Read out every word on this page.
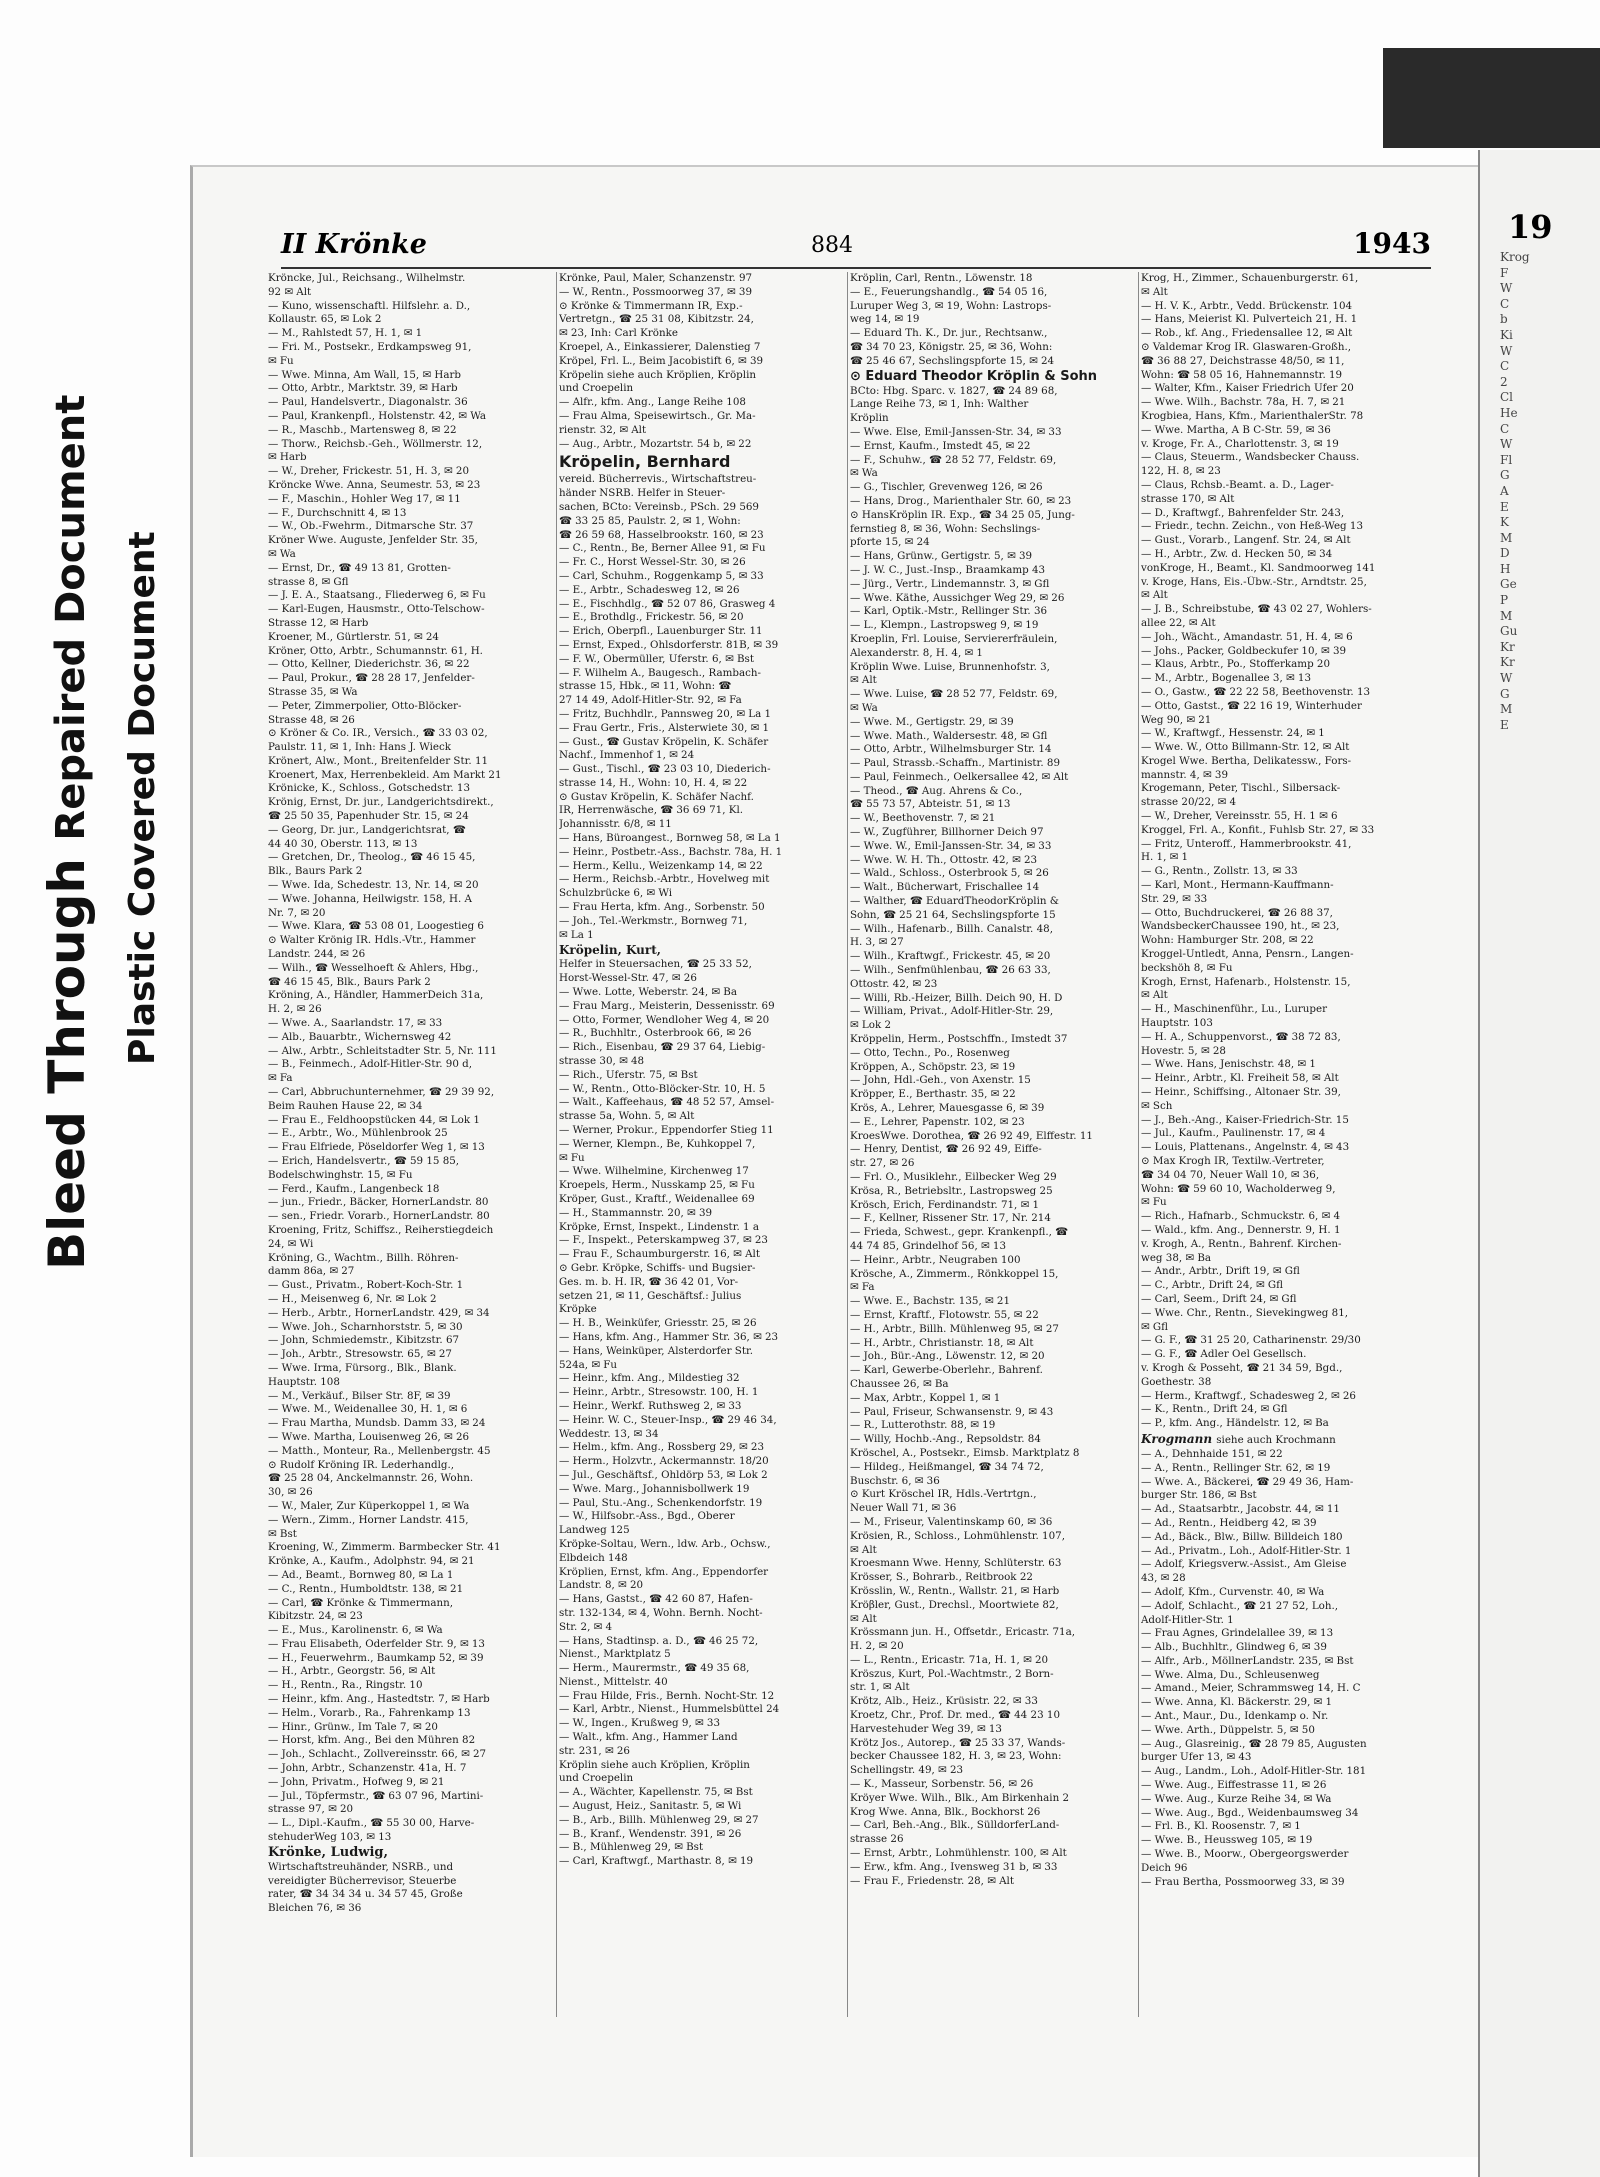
Bleed Through Repaired Document Plastic Covered Document
19
Krog
F
W
C
b
Ki
W
C
2
Cl
He
C
W
Fl
G
A
E
K
M
D
H
Ge
P
M
Gu
Kr
Kr
W
G
M
E
II Krönke	884	1943
Kröncke, Jul., Reichsang., Wilhelmstr.
92 ✉ Alt
— Kuno, wissenschaftl. Hilfslehr. a. D.,
Kollaustr. 65, ✉ Lok 2
— M., Rahlstedt 57, H. 1, ✉ 1
— Fri. M., Postsekr., Erdkampsweg 91,
✉ Fu
— Wwe. Minna, Am Wall, 15, ✉ Harb
— Otto, Arbtr., Marktstr. 39, ✉ Harb
— Paul, Handelsvertr., Diagonalstr. 36
— Paul, Krankenpfl., Holstenstr. 42, ✉ Wa
— R., Maschb., Martensweg 8, ✉ 22
— Thorw., Reichsb.-Geh., Wöllmerstr. 12,
✉ Harb
— W., Dreher, Frickestr. 51, H. 3, ✉ 20
Kröncke Wwe. Anna, Seumestr. 53, ✉ 23
— F., Maschin., Hohler Weg 17, ✉ 11
— F., Durchschnitt 4, ✉ 13
— W., Ob.-Fwehrm., Ditmarsche Str. 37
Kröner Wwe. Auguste, Jenfelder Str. 35,
✉ Wa
— Ernst, Dr., ☎ 49 13 81, Grotten-
strasse 8, ✉ Gfl
— J. E. A., Staatsang., Fliederweg 6, ✉ Fu
— Karl-Eugen, Hausmstr., Otto-Telschow-
Strasse 12, ✉ Harb
Kroener, M., Gürtlerstr. 51, ✉ 24
Kröner, Otto, Arbtr., Schumannstr. 61, H.
— Otto, Kellner, Diederichstr. 36, ✉ 22
— Paul, Prokur., ☎ 28 28 17, Jenfelder-
Strasse 35, ✉ Wa
— Peter, Zimmerpolier, Otto-Blöcker-
Strasse 48, ✉ 26
⊙ Kröner & Co. IR., Versich., ☎ 33 03 02,
Paulstr. 11, ✉ 1, Inh: Hans J. Wieck
Krönert, Alw., Mont., Breitenfelder Str. 11
Kroenert, Max, Herrenbekleid. Am Markt 21
Krönicke, K., Schloss., Gotschedstr. 13
Krönig, Ernst, Dr. jur., Landgerichtsdirekt.,
☎ 25 50 35, Papenhuder Str. 15, ✉ 24
— Georg, Dr. jur., Landgerichtsrat, ☎
44 40 30, Oberstr. 113, ✉ 13
— Gretchen, Dr., Theolog., ☎ 46 15 45,
Blk., Baurs Park 2
— Wwe. Ida, Schedestr. 13, Nr. 14, ✉ 20
— Wwe. Johanna, Heilwigstr. 158, H. A
Nr. 7, ✉ 20
— Wwe. Klara, ☎ 53 08 01, Loogestieg 6
⊙ Walter Krönig IR. Hdls.-Vtr., Hammer
Landstr. 244, ✉ 26
— Wilh., ☎ Wesselhoeft & Ahlers, Hbg.,
☎ 46 15 45, Blk., Baurs Park 2
Kröning, A., Händler, HammerDeich 31a,
H. 2, ✉ 26
— Wwe. A., Saarlandstr. 17, ✉ 33
— Alb., Bauarbtr., Wichernsweg 42
— Alw., Arbtr., Schleitstadter Str. 5, Nr. 111
— B., Feinmech., Adolf-Hitler-Str. 90 d,
✉ Fa
— Carl, Abbruchunternehmer, ☎ 29 39 92,
Beim Rauhen Hause 22, ✉ 34
— Frau E., Feldhoopstücken 44, ✉ Lok 1
— E., Arbtr., Wo., Mühlenbrook 25
— Frau Elfriede, Pöseldorfer Weg 1, ✉ 13
— Erich, Handelsvertr., ☎ 59 15 85,
Bodelschwinghstr. 15, ✉ Fu
— Ferd., Kaufm., Langenbeck 18
— jun., Friedr., Bäcker, HornerLandstr. 80
— sen., Friedr. Vorarb., HornerLandstr. 80
Kroening, Fritz, Schiffsz., Reiherstiegdeich
24, ✉ Wi
Kröning, G., Wachtm., Billh. Röhren-
damm 86a, ✉ 27
— Gust., Privatm., Robert-Koch-Str. 1
— H., Meisenweg 6, Nr. ✉ Lok 2
— Herb., Arbtr., HornerLandstr. 429, ✉ 34
— Wwe. Joh., Scharnhorststr. 5, ✉ 30
— John, Schmiedemstr., Kibitzstr. 67
— Joh., Arbtr., Stresowstr. 65, ✉ 27
— Wwe. Irma, Fürsorg., Blk., Blank.
Hauptstr. 108
— M., Verkäuf., Bilser Str. 8F, ✉ 39
— Wwe. M., Weidenallee 30, H. 1, ✉ 6
— Frau Martha, Mundsb. Damm 33, ✉ 24
— Wwe. Martha, Louisenweg 26, ✉ 26
— Matth., Monteur, Ra., Mellenbergstr. 45
⊙ Rudolf Kröning IR. Lederhandlg.,
☎ 25 28 04, Anckelmannstr. 26, Wohn.
30, ✉ 26
— W., Maler, Zur Küperkoppel 1, ✉ Wa
— Wern., Zimm., Horner Landstr. 415,
✉ Bst
Kroening, W., Zimmerm. Barmbecker Str. 41
Krönke, A., Kaufm., Adolphstr. 94, ✉ 21
— Ad., Beamt., Bornweg 80, ✉ La 1
— C., Rentn., Humboldtstr. 138, ✉ 21
— Carl, ☎ Krönke & Timmermann,
Kibitzstr. 24, ✉ 23
— E., Mus., Karolinenstr. 6, ✉ Wa
— Frau Elisabeth, Oderfelder Str. 9, ✉ 13
— H., Feuerwehrm., Baumkamp 52, ✉ 39
— H., Arbtr., Georgstr. 56, ✉ Alt
— H., Rentn., Ra., Ringstr. 10
— Heinr., kfm. Ang., Hastedtstr. 7, ✉ Harb
— Helm., Vorarb., Ra., Fahrenkamp 13
— Hinr., Grünw., Im Tale 7, ✉ 20
— Horst, kfm. Ang., Bei den Mühren 82
— Joh., Schlacht., Zollvereinsstr. 66, ✉ 27
— John, Arbtr., Schanzenstr. 41a, H. 7
— John, Privatm., Hofweg 9, ✉ 21
— Jul., Töpfermstr., ☎ 63 07 96, Martini-
strasse 97, ✉ 20
— L., Dipl.-Kaufm., ☎ 55 30 00, Harve-
stehuderWeg 103, ✉ 13
Krönke, Ludwig,
Wirtschaftstreuhänder, NSRB., und
vereidigter Bücherrevisor, Steuerbe
rater, ☎ 34 34 34 u. 34 57 45, Große
Bleichen 76, ✉ 36
Krönke, Paul, Maler, Schanzenstr. 97
— W., Rentn., Possmoorweg 37, ✉ 39
⊙ Krönke & Timmermann IR, Exp.-
Vertretgn., ☎ 25 31 08, Kibitzstr. 24,
✉ 23, Inh: Carl Krönke
Kroepel, A., Einkassierer, Dalenstieg 7
Kröpel, Frl. L., Beim Jacobistift 6, ✉ 39
Kröpelin siehe auch Kröplien, Kröplin
und Croepelin
— Alfr., kfm. Ang., Lange Reihe 108
— Frau Alma, Speisewirtsch., Gr. Ma-
rienstr. 32, ✉ Alt
— Aug., Arbtr., Mozartstr. 54 b, ✉ 22
Kröpelin, Bernhard
vereid. Bücherrevis., Wirtschaftstreu-
händer NSRB. Helfer in Steuer-
sachen, BCto: Vereinsb., PSch. 29 569
☎ 33 25 85, Paulstr. 2, ✉ 1, Wohn:
☎ 26 59 68, Hasselbrookstr. 160, ✉ 23
— C., Rentn., Be, Berner Allee 91, ✉ Fu
— Fr. C., Horst Wessel-Str. 30, ✉ 26
— Carl, Schuhm., Roggenkamp 5, ✉ 33
— E., Arbtr., Schadesweg 12, ✉ 26
— E., Fischhdlg., ☎ 52 07 86, Grasweg 4
— E., Brothdlg., Frickestr. 56, ✉ 20
— Erich, Oberpfl., Lauenburger Str. 11
— Ernst, Exped., Ohlsdorferstr. 81B, ✉ 39
— F. W., Obermüller, Uferstr. 6, ✉ Bst
— F. Wilhelm A., Baugesch., Rambach-
strasse 15, Hbk., ✉ 11, Wohn: ☎
27 14 49, Adolf-Hitler-Str. 92, ✉ Fa
— Fritz, Buchhdlr., Pannsweg 20, ✉ La 1
— Frau Gertr., Fris., Alsterwiete 30, ✉ 1
— Gust., ☎ Gustav Kröpelin, K. Schäfer
Nachf., Immenhof 1, ✉ 24
— Gust., Tischl., ☎ 23 03 10, Diederich-
strasse 14, H., Wohn: 10, H. 4, ✉ 22
⊙ Gustav Kröpelin, K. Schäfer Nachf.
IR, Herrenwäsche, ☎ 36 69 71, Kl.
Johannisstr. 6/8, ✉ 11
— Hans, Büroangest., Bornweg 58, ✉ La 1
— Heinr., Postbetr.-Ass., Bachstr. 78a, H. 1
— Herm., Kellu., Weizenkamp 14, ✉ 22
— Herm., Reichsb.-Arbtr., Hovelweg mit
Schulzbrücke 6, ✉ Wi
— Frau Herta, kfm. Ang., Sorbenstr. 50
— Joh., Tel.-Werkmstr., Bornweg 71,
✉ La 1
Kröpelin, Kurt,
Helfer in Steuersachen, ☎ 25 33 52,
Horst-Wessel-Str. 47, ✉ 26
— Wwe. Lotte, Weberstr. 24, ✉ Ba
— Frau Marg., Meisterin, Dessenisstr. 69
— Otto, Former, Wendloher Weg 4, ✉ 20
— R., Buchhltr., Osterbrook 66, ✉ 26
— Rich., Eisenbau, ☎ 29 37 64, Liebig-
strasse 30, ✉ 48
— Rich., Uferstr. 75, ✉ Bst
— W., Rentn., Otto-Blöcker-Str. 10, H. 5
— Walt., Kaffeehaus, ☎ 48 52 57, Amsel-
strasse 5a, Wohn. 5, ✉ Alt
— Werner, Prokur., Eppendorfer Stieg 11
— Werner, Klempn., Be, Kuhkoppel 7,
✉ Fu
— Wwe. Wilhelmine, Kirchenweg 17
Kroepels, Herm., Nusskamp 25, ✉ Fu
Kröper, Gust., Kraftf., Weidenallee 69
— H., Stammannstr. 20, ✉ 39
Kröpke, Ernst, Inspekt., Lindenstr. 1 a
— F., Inspekt., Peterskampweg 37, ✉ 23
— Frau F., Schaumburgerstr. 16, ✉ Alt
⊙ Gebr. Kröpke, Schiffs- und Bugsier-
Ges. m. b. H. IR, ☎ 36 42 01, Vor-
setzen 21, ✉ 11, Geschäftsf.: Julius
Kröpke
— H. B., Weinküfer, Griesstr. 25, ✉ 26
— Hans, kfm. Ang., Hammer Str. 36, ✉ 23
— Hans, Weinküper, Alsterdorfer Str.
524a, ✉ Fu
— Heinr., kfm. Ang., Mildestieg 32
— Heinr., Arbtr., Stresowstr. 100, H. 1
— Heinr., Werkf. Ruthsweg 2, ✉ 33
— Heinr. W. C., Steuer-Insp., ☎ 29 46 34,
Weddestr. 13, ✉ 34
— Helm., kfm. Ang., Rossberg 29, ✉ 23
— Herm., Holzvtr., Ackermannstr. 18/20
— Jul., Geschäftsf., Ohldörp 53, ✉ Lok 2
— Wwe. Marg., Johannisbollwerk 19
— Paul, Stu.-Ang., Schenkendorfstr. 19
— W., Hilfsobr.-Ass., Bgd., Oberer
Landweg 125
Kröpke-Soltau, Wern., ldw. Arb., Ochsw.,
Elbdeich 148
Kröplien, Ernst, kfm. Ang., Eppendorfer
Landstr. 8, ✉ 20
— Hans, Gastst., ☎ 42 60 87, Hafen-
str. 132-134, ✉ 4, Wohn. Bernh. Nocht-
Str. 2, ✉ 4
— Hans, Stadtinsp. a. D., ☎ 46 25 72,
Nienst., Marktplatz 5
— Herm., Maurermstr., ☎ 49 35 68,
Nienst., Mittelstr. 40
— Frau Hilde, Fris., Bernh. Nocht-Str. 12
— Karl, Arbtr., Nienst., Hummelsbüttel 24
— W., Ingen., Krußweg 9, ✉ 33
— Walt., kfm. Ang., Hammer Land
str. 231, ✉ 26
Kröplin siehe auch Kröplien, Kröplin
und Croepelin
— A., Wächter, Kapellenstr. 75, ✉ Bst
— August, Heiz., Sanitastr. 5, ✉ Wi
— B., Arb., Billh. Mühlenweg 29, ✉ 27
— B., Kranf., Wendenstr. 391, ✉ 26
— B., Mühlenweg 29, ✉ Bst
— Carl, Kraftwgf., Marthastr. 8, ✉ 19
Kröplin, Carl, Rentn., Löwenstr. 18
— E., Feuerungshandlg., ☎ 54 05 16,
Luruper Weg 3, ✉ 19, Wohn: Lastrops-
weg 14, ✉ 19
— Eduard Th. K., Dr. jur., Rechtsanw.,
☎ 34 70 23, Königstr. 25, ✉ 36, Wohn:
☎ 25 46 67, Sechslingspforte 15, ✉ 24
⊙ Eduard Theodor Kröplin & Sohn
BCto: Hbg. Sparc. v. 1827, ☎ 24 89 68,
Lange Reihe 73, ✉ 1, Inh: Walther
Kröplin
— Wwe. Else, Emil-Janssen-Str. 34, ✉ 33
— Ernst, Kaufm., Imstedt 45, ✉ 22
— F., Schuhw., ☎ 28 52 77, Feldstr. 69,
✉ Wa
— G., Tischler, Grevenweg 126, ✉ 26
— Hans, Drog., Marienthaler Str. 60, ✉ 23
⊙ HansKröplin IR. Exp., ☎ 34 25 05, Jung-
fernstieg 8, ✉ 36, Wohn: Sechslings-
pforte 15, ✉ 24
— Hans, Grünw., Gertigstr. 5, ✉ 39
— J. W. C., Just.-Insp., Braamkamp 43
— Jürg., Vertr., Lindemannstr. 3, ✉ Gfl
— Wwe. Käthe, Aussichger Weg 29, ✉ 26
— Karl, Optik.-Mstr., Rellinger Str. 36
— L., Klempn., Lastropsweg 9, ✉ 19
Kroeplin, Frl. Louise, Serviererfräulein,
Alexanderstr. 8, H. 4, ✉ 1
Kröplin Wwe. Luise, Brunnenhofstr. 3,
✉ Alt
— Wwe. Luise, ☎ 28 52 77, Feldstr. 69,
✉ Wa
— Wwe. M., Gertigstr. 29, ✉ 39
— Wwe. Math., Waldersestr. 48, ✉ Gfl
— Otto, Arbtr., Wilhelmsburger Str. 14
— Paul, Strassb.-Schaffn., Martinistr. 89
— Paul, Feinmech., Oelkersallee 42, ✉ Alt
— Theod., ☎ Aug. Ahrens & Co.,
☎ 55 73 57, Abteistr. 51, ✉ 13
— W., Beethovenstr. 7, ✉ 21
— W., Zugführer, Billhorner Deich 97
— Wwe. W., Emil-Janssen-Str. 34, ✉ 33
— Wwe. W. H. Th., Ottostr. 42, ✉ 23
— Wald., Schloss., Osterbrook 5, ✉ 26
— Walt., Bücherwart, Frischallee 14
— Walther, ☎ EduardTheodorKröplin &
Sohn, ☎ 25 21 64, Sechslingspforte 15
— Wilh., Hafenarb., Billh. Canalstr. 48,
H. 3, ✉ 27
— Wilh., Kraftwgf., Frickestr. 45, ✉ 20
— Wilh., Senfmühlenbau, ☎ 26 63 33,
Ottostr. 42, ✉ 23
— Willi, Rb.-Heizer, Billh. Deich 90, H. D
— William, Privat., Adolf-Hitler-Str. 29,
✉ Lok 2
Kröppelin, Herm., Postschffn., Imstedt 37
— Otto, Techn., Po., Rosenweg
Kröppen, A., Schöpstr. 23, ✉ 19
— John, Hdl.-Geh., von Axenstr. 15
Kröpper, E., Berthastr. 35, ✉ 22
Krös, A., Lehrer, Mauesgasse 6, ✉ 39
— E., Lehrer, Papenstr. 102, ✉ 23
KroesWwe. Dorothea, ☎ 26 92 49, Elffestr. 11
— Henry, Dentist, ☎ 26 92 49, Eiffe-
str. 27, ✉ 26
— Frl. O., Musiklehr., Eilbecker Weg 29
Krösa, R., Betriebsltr., Lastropsweg 25
Krösch, Erich, Ferdinandstr. 71, ✉ 1
— F., Kellner, Rissener Str. 17, Nr. 214
— Frieda, Schwest., gepr. Krankenpfl., ☎
44 74 85, Grindelhof 56, ✉ 13
— Heinr., Arbtr., Neugraben 100
Krösche, A., Zimmerm., Rönkkoppel 15,
✉ Fa
— Wwe. E., Bachstr. 135, ✉ 21
— Ernst, Kraftf., Flotowstr. 55, ✉ 22
— H., Arbtr., Billh. Mühlenweg 95, ✉ 27
— H., Arbtr., Christianstr. 18, ✉ Alt
— Joh., Bür.-Ang., Löwenstr. 12, ✉ 20
— Karl, Gewerbe-Oberlehr., Bahrenf.
Chaussee 26, ✉ Ba
— Max, Arbtr., Koppel 1, ✉ 1
— Paul, Friseur, Schwansenstr. 9, ✉ 43
— R., Lutterothstr. 88, ✉ 19
— Willy, Hochb.-Ang., Repsoldstr. 84
Kröschel, A., Postsekr., Eimsb. Marktplatz 8
— Hildeg., Heißmangel, ☎ 34 74 72,
Buschstr. 6, ✉ 36
⊙ Kurt Kröschel IR, Hdls.-Vertrtgn.,
Neuer Wall 71, ✉ 36
— M., Friseur, Valentinskamp 60, ✉ 36
Krösien, R., Schloss., Lohmühlenstr. 107,
✉ Alt
Kroesmann Wwe. Henny, Schlüterstr. 63
Krösser, S., Bohrarb., Reitbrook 22
Krösslin, W., Rentn., Wallstr. 21, ✉ Harb
Kröβler, Gust., Drechsl., Moortwiete 82,
✉ Alt
Krössmann jun. H., Offsetdr., Ericastr. 71a,
H. 2, ✉ 20
— L., Rentn., Ericastr. 71a, H. 1, ✉ 20
Kröszus, Kurt, Pol.-Wachtmstr., 2 Born-
str. 1, ✉ Alt
Krötz, Alb., Heiz., Krüsistr. 22, ✉ 33
Kroetz, Chr., Prof. Dr. med., ☎ 44 23 10
Harvestehuder Weg 39, ✉ 13
Krötz Jos., Autorep., ☎ 25 33 37, Wands-
becker Chaussee 182, H. 3, ✉ 23, Wohn:
Schellingstr. 49, ✉ 23
— K., Masseur, Sorbenstr. 56, ✉ 26
Kröyer Wwe. Wilh., Blk., Am Birkenhain 2
Krog Wwe. Anna, Blk., Bockhorst 26
— Carl, Beh.-Ang., Blk., SülldorferLand-
strasse 26
— Ernst, Arbtr., Lohmühlenstr. 100, ✉ Alt
— Erw., kfm. Ang., Ivensweg 31 b, ✉ 33
— Frau F., Friedenstr. 28, ✉ Alt
Krog, H., Zimmer., Schauenburgerstr. 61,
✉ Alt
— H. V. K., Arbtr., Vedd. Brückenstr. 104
— Hans, Meierist Kl. Pulverteich 21, H. 1
— Rob., kf. Ang., Friedensallee 12, ✉ Alt
⊙ Valdemar Krog IR. Glaswaren-Großh.,
☎ 36 88 27, Deichstrasse 48/50, ✉ 11,
Wohn: ☎ 58 05 16, Hahnemannstr. 19
— Walter, Kfm., Kaiser Friedrich Ufer 20
— Wwe. Wilh., Bachstr. 78a, H. 7, ✉ 21
Krogbiea, Hans, Kfm., MarienthalerStr. 78
— Wwe. Martha, A B C-Str. 59, ✉ 36
v. Kroge, Fr. A., Charlottenstr. 3, ✉ 19
— Claus, Steuerm., Wandsbecker Chauss.
122, H. 8, ✉ 23
— Claus, Rchsb.-Beamt. a. D., Lager-
strasse 170, ✉ Alt
— D., Kraftwgf., Bahrenfelder Str. 243,
— Friedr., techn. Zeichn., von Heß-Weg 13
— Gust., Vorarb., Langenf. Str. 24, ✉ Alt
— H., Arbtr., Zw. d. Hecken 50, ✉ 34
vonKroge, H., Beamt., Kl. Sandmoorweg 141
v. Kroge, Hans, Eis.-Übw.-Str., Arndtstr. 25,
✉ Alt
— J. B., Schreibstube, ☎ 43 02 27, Wohlers-
allee 22, ✉ Alt
— Joh., Wächt., Amandastr. 51, H. 4, ✉ 6
— Johs., Packer, Goldbeckufer 10, ✉ 39
— Klaus, Arbtr., Po., Stofferkamp 20
— M., Arbtr., Bogenallee 3, ✉ 13
— O., Gastw., ☎ 22 22 58, Beethovenstr. 13
— Otto, Gastst., ☎ 22 16 19, Winterhuder
Weg 90, ✉ 21
— W., Kraftwgf., Hessenstr. 24, ✉ 1
— Wwe. W., Otto Billmann-Str. 12, ✉ Alt
Krogel Wwe. Bertha, Delikatessw., Fors-
mannstr. 4, ✉ 39
Krogemann, Peter, Tischl., Silbersack-
strasse 20/22, ✉ 4
— W., Dreher, Vereinsstr. 55, H. 1 ✉ 6
Kroggel, Frl. A., Konfit., Fuhlsb Str. 27, ✉ 33
— Fritz, Unteroff., Hammerbrookstr. 41,
H. 1, ✉ 1
— G., Rentn., Zollstr. 13, ✉ 33
— Karl, Mont., Hermann-Kauffmann-
Str. 29, ✉ 33
— Otto, Buchdruckerei, ☎ 26 88 37,
WandsbeckerChaussee 190, ht., ✉ 23,
Wohn: Hamburger Str. 208, ✉ 22
Kroggel-Untledt, Anna, Pensrn., Langen-
beckshöh 8, ✉ Fu
Krogh, Ernst, Hafenarb., Holstenstr. 15,
✉ Alt
— H., Maschinenführ., Lu., Luruper
Hauptstr. 103
— H. A., Schuppenvorst., ☎ 38 72 83,
Hovestr. 5, ✉ 28
— Wwe. Hans, Jenischstr. 48, ✉ 1
— Heinr., Arbtr., Kl. Freiheit 58, ✉ Alt
— Heinr., Schiffsing., Altonaer Str. 39,
✉ Sch
— J., Beh.-Ang., Kaiser-Friedrich-Str. 15
— Jul., Kaufm., Paulinenstr. 17, ✉ 4
— Louis, Plattenans., Angelnstr. 4, ✉ 43
⊙ Max Krogh IR, Textilw.-Vertreter,
☎ 34 04 70, Neuer Wall 10, ✉ 36,
Wohn: ☎ 59 60 10, Wacholderweg 9,
✉ Fu
— Rich., Hafnarb., Schmuckstr. 6, ✉ 4
— Wald., kfm. Ang., Dennerstr. 9, H. 1
v. Krogh, A., Rentn., Bahrenf. Kirchen-
weg 38, ✉ Ba
— Andr., Arbtr., Drift 19, ✉ Gfl
— C., Arbtr., Drift 24, ✉ Gfl
— Carl, Seem., Drift 24, ✉ Gfl
— Wwe. Chr., Rentn., Sievekingweg 81,
✉ Gfl
— G. F., ☎ 31 25 20, Catharinenstr. 29/30
— G. F., ☎ Adler Oel Gesellsch.
v. Krogh & Posseht, ☎ 21 34 59, Bgd.,
Goethestr. 38
— Herm., Kraftwgf., Schadesweg 2, ✉ 26
— K., Rentn., Drift 24, ✉ Gfl
— P., kfm. Ang., Händelstr. 12, ✉ Ba
Krogmann siehe auch Krochmann
— A., Dehnhaide 151, ✉ 22
— A., Rentn., Rellinger Str. 62, ✉ 19
— Wwe. A., Bäckerei, ☎ 29 49 36, Ham-
burger Str. 186, ✉ Bst
— Ad., Staatsarbtr., Jacobstr. 44, ✉ 11
— Ad., Rentn., Heidberg 42, ✉ 39
— Ad., Bäck., Blw., Billw. Billdeich 180
— Ad., Privatm., Loh., Adolf-Hitler-Str. 1
— Adolf, Kriegsverw.-Assist., Am Gleise
43, ✉ 28
— Adolf, Kfm., Curvenstr. 40, ✉ Wa
— Adolf, Schlacht., ☎ 21 27 52, Loh.,
Adolf-Hitler-Str. 1
— Frau Agnes, Grindelallee 39, ✉ 13
— Alb., Buchhltr., Glindweg 6, ✉ 39
— Alfr., Arb., MöllnerLandstr. 235, ✉ Bst
— Wwe. Alma, Du., Schleusenweg
— Amand., Meier, Schrammsweg 14, H. C
— Wwe. Anna, Kl. Bäckerstr. 29, ✉ 1
— Ant., Maur., Du., Idenkamp o. Nr.
— Wwe. Arth., Düppelstr. 5, ✉ 50
— Aug., Glasreinig., ☎ 28 79 85, Augusten
burger Ufer 13, ✉ 43
— Aug., Landm., Loh., Adolf-Hitler-Str. 181
— Wwe. Aug., Eiffestrasse 11, ✉ 26
— Wwe. Aug., Kurze Reihe 34, ✉ Wa
— Wwe. Aug., Bgd., Weidenbaumsweg 34
— Frl. B., Kl. Roosenstr. 7, ✉ 1
— Wwe. B., Heussweg 105, ✉ 19
— Wwe. B., Moorw., Obergeorgswerder
Deich 96
— Frau Bertha, Possmoorweg 33, ✉ 39
